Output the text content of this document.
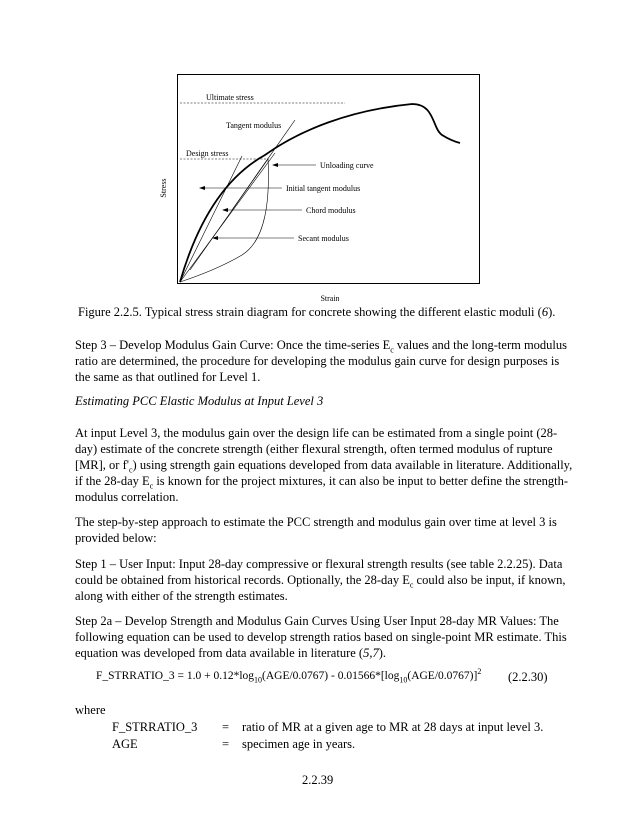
Stress
Strain
Ultimate stress
Design stress
Tangent modulus
Unloading curve
Initial tangent modulus
Chord modulus
Secant modulus
Figure 2.2.5. Typical stress strain diagram for concrete showing the different elastic moduli (6).
Step 3 – Develop Modulus Gain Curve: Once the time-series $E_c$ values and the long-term modulus ratio are determined, the procedure for developing the modulus gain curve for design purposes is the same as that outlined for Level 1.
Estimating PCC Elastic Modulus at Input Level 3
At input Level 3, the modulus gain over the design life can be estimated from a single point (28-day) estimate of the concrete strength (either flexural strength, often termed modulus of rupture [MR], or $f'_c$) using strength gain equations developed from data available in literature. Additionally, if the 28-day $E_c$ is known for the project mixtures, it can also be input to better define the strength-modulus correlation.
The step-by-step approach to estimate the PCC strength and modulus gain over time at level 3 is provided below:
Step 1 – User Input: Input 28-day compressive or flexural strength results (see table 2.2.25). Data could be obtained from historical records. Optionally, the 28-day $E_c$ could also be input, if known, along with either of the strength estimates.
Step 2a – Develop Strength and Modulus Gain Curves Using User Input 28-day MR Values: The following equation can be used to develop strength ratios based on single-point MR estimate. This equation was developed from data available in literature (5,7).
F_STRRATIO_3 = $1.0 + 0.12*\log_{10}(AGE/0.0767) - 0.01566*[\log_{10}(AGE/0.0767)]^2$ (2.2.30)
where
F_STRRATIO_3 = ratio of MR at a given age to MR at 28 days at input level 3.
AGE	= specimen age in years.
2.2.39
